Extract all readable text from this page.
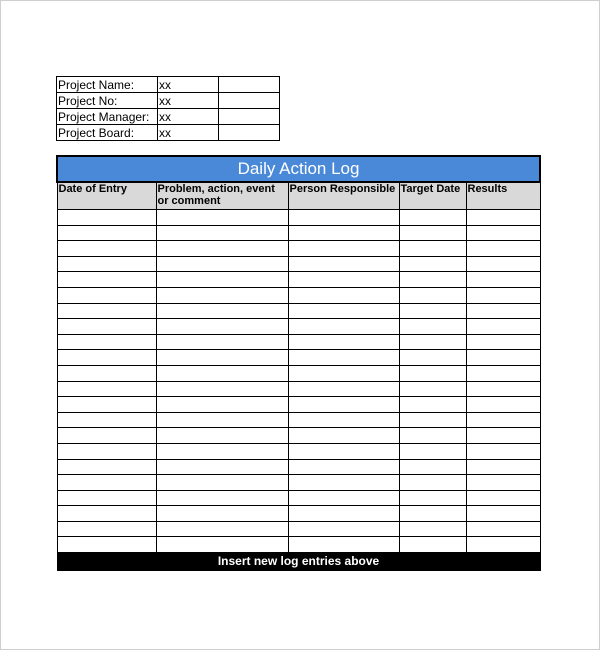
Project Name:	xx	
Project No:	xx	
Project Manager:	xx	
Project Board:	xx	
Daily Action Log				
Date of Entry	Problem, action, event or comment	Person Responsible	Target Date	Results

Insert new log entries above				
